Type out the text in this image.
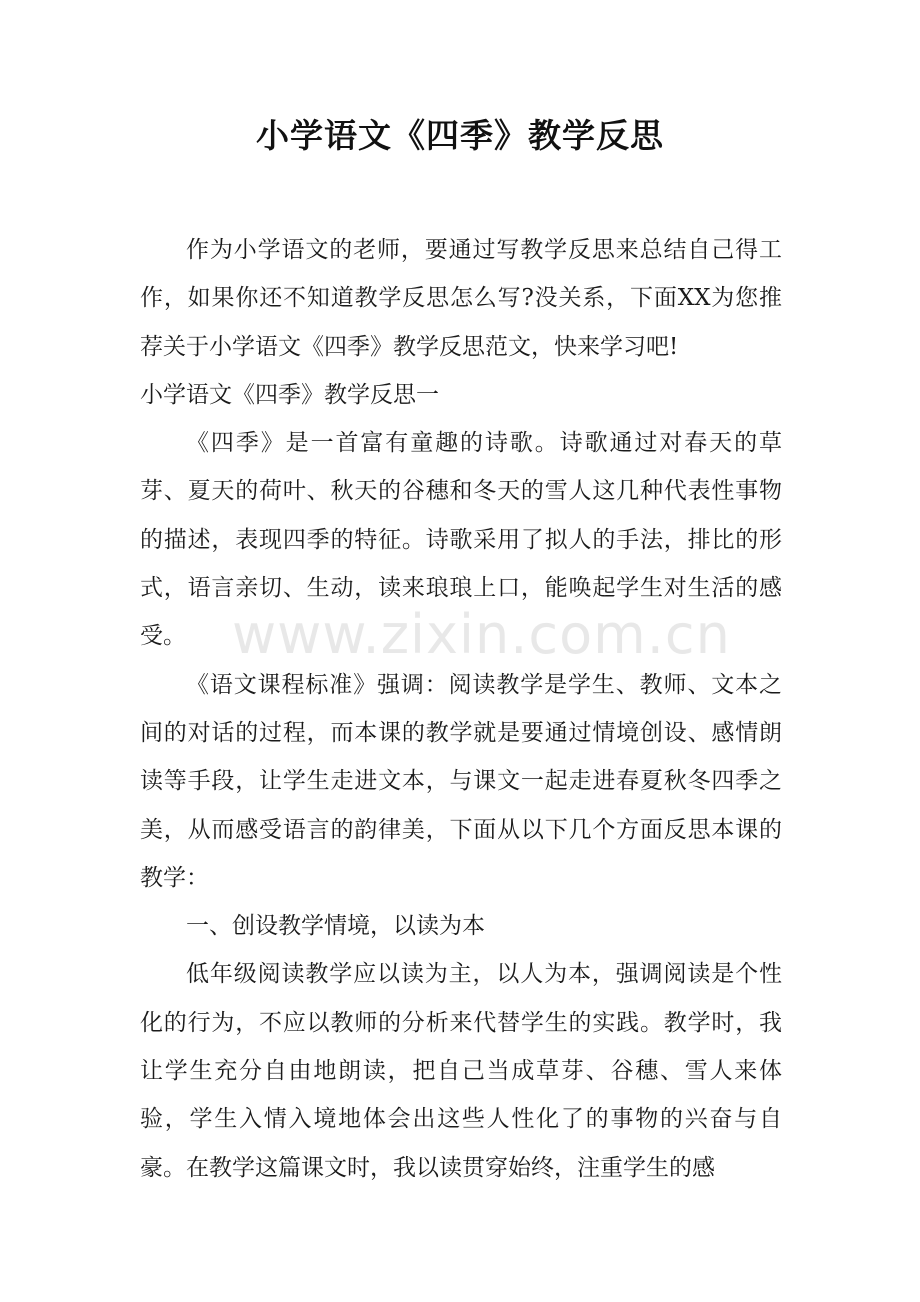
小学语文《四季》教学反思

作为小学语文的老师，要通过写教学反思来总结自己得工作，如果你还不知道教学反思怎么写?没关系，下面XX为您推荐关于小学语文《四季》教学反思范文，快来学习吧!

小学语文《四季》教学反思一

《四季》是一首富有童趣的诗歌。诗歌通过对春天的草芽、夏天的荷叶、秋天的谷穗和冬天的雪人这几种代表性事物的描述，表现四季的特征。诗歌采用了拟人的手法，排比的形式，语言亲切、生动，读来琅琅上口，能唤起学生对生活的感受。

《语文课程标准》强调：阅读教学是学生、教师、文本之间的对话的过程，而本课的教学就是要通过情境创设、感情朗读等手段，让学生走进文本，与课文一起走进春夏秋冬四季之美，从而感受语言的韵律美，下面从以下几个方面反思本课的教学：

一、创设教学情境，以读为本

低年级阅读教学应以读为主，以人为本，强调阅读是个性化的行为，不应以教师的分析来代替学生的实践。教学时，我让学生充分自由地朗读，把自己当成草芽、谷穗、雪人来体验，学生入情入境地体会出这些人性化了的事物的兴奋与自豪。在教学这篇课文时，我以读贯穿始终，注重学生的感

www.zixin.com.cn
